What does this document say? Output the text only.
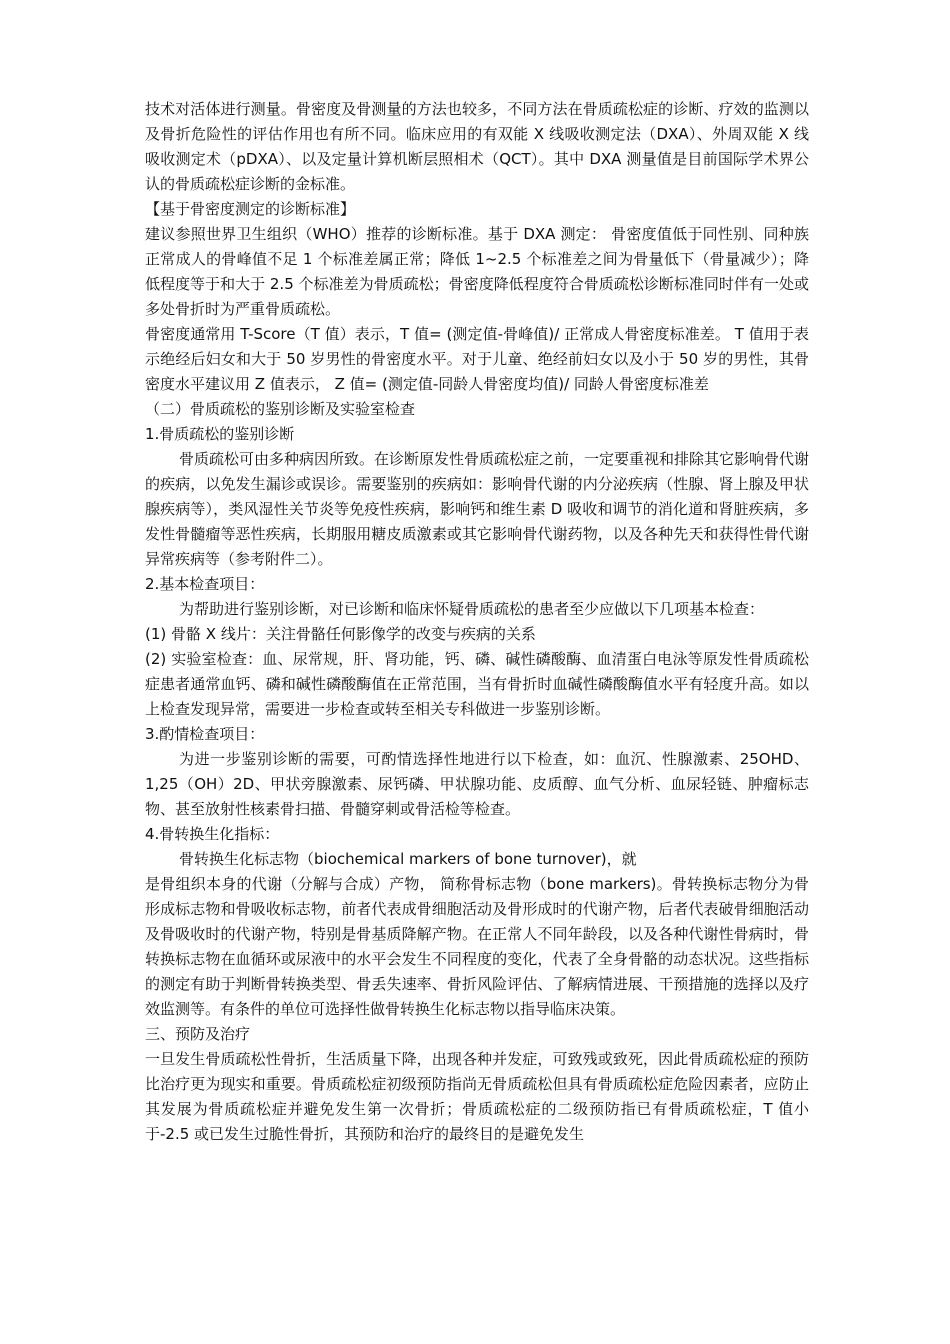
技术对活体进行测量。骨密度及骨测量的方法也较多，不同方法在骨质疏松症的诊断、疗效的监测以及骨折危险性的评估作用也有所不同。临床应用的有双能 X 线吸收测定法（DXA）、外周双能 X 线吸收测定术（pDXA）、以及定量计算机断层照相术（QCT）。其中 DXA 测量值是目前国际学术界公认的骨质疏松症诊断的金标准。

【基于骨密度测定的诊断标准】

建议参照世界卫生组织（WHO）推荐的诊断标准。基于 DXA 测定： 骨密度值低于同性别、同种族正常成人的骨峰值不足 1 个标准差属正常；降低 1~2.5 个标准差之间为骨量低下（骨量减少）；降低程度等于和大于 2.5 个标准差为骨质疏松；骨密度降低程度符合骨质疏松诊断标准同时伴有一处或多处骨折时为严重骨质疏松。

骨密度通常用 T-Score（T 值）表示，T 值= (测定值-骨峰值)/ 正常成人骨密度标准差。 T 值用于表示绝经后妇女和大于 50 岁男性的骨密度水平。对于儿童、绝经前妇女以及小于 50 岁的男性，其骨密度水平建议用 Z 值表示， Z 值= (测定值-同龄人骨密度均值)/ 同龄人骨密度标准差

（二）骨质疏松的鉴别诊断及实验室检查

1.骨质疏松的鉴别诊断

骨质疏松可由多种病因所致。在诊断原发性骨质疏松症之前，一定要重视和排除其它影响骨代谢的疾病，以免发生漏诊或误诊。需要鉴别的疾病如：影响骨代谢的内分泌疾病（性腺、肾上腺及甲状腺疾病等），类风湿性关节炎等免疫性疾病，影响钙和维生素 D 吸收和调节的消化道和肾脏疾病，多发性骨髓瘤等恶性疾病，长期服用糖皮质激素或其它影响骨代谢药物，以及各种先天和获得性骨代谢异常疾病等（参考附件二）。

2.基本检查项目：

为帮助进行鉴别诊断，对已诊断和临床怀疑骨质疏松的患者至少应做以下几项基本检查：

(1) 骨骼 X 线片：关注骨骼任何影像学的改变与疾病的关系

(2) 实验室检查：血、尿常规，肝、肾功能，钙、磷、碱性磷酸酶、血清蛋白电泳等原发性骨质疏松症患者通常血钙、磷和碱性磷酸酶值在正常范围，当有骨折时血碱性磷酸酶值水平有轻度升高。如以上检查发现异常，需要进一步检查或转至相关专科做进一步鉴别诊断。

3.酌情检查项目：

为进一步鉴别诊断的需要，可酌情选择性地进行以下检查，如：血沉、性腺激素、25OHD、1,25（OH）2D、甲状旁腺激素、尿钙磷、甲状腺功能、皮质醇、血气分析、血尿轻链、肿瘤标志物、甚至放射性核素骨扫描、骨髓穿刺或骨活检等检查。

4.骨转换生化指标：

骨转换生化标志物（biochemical markers of bone turnover)，就

是骨组织本身的代谢（分解与合成）产物， 简称骨标志物（bone markers)。骨转换标志物分为骨形成标志物和骨吸收标志物，前者代表成骨细胞活动及骨形成时的代谢产物，后者代表破骨细胞活动及骨吸收时的代谢产物，特别是骨基质降解产物。在正常人不同年龄段，以及各种代谢性骨病时，骨转换标志物在血循环或尿液中的水平会发生不同程度的变化，代表了全身骨骼的动态状况。这些指标的测定有助于判断骨转换类型、骨丢失速率、骨折风险评估、了解病情进展、干预措施的选择以及疗效监测等。有条件的单位可选择性做骨转换生化标志物以指导临床决策。

三、预防及治疗

一旦发生骨质疏松性骨折，生活质量下降，出现各种并发症，可致残或致死，因此骨质疏松症的预防比治疗更为现实和重要。骨质疏松症初级预防指尚无骨质疏松但具有骨质疏松症危险因素者，应防止其发展为骨质疏松症并避免发生第一次骨折；骨质疏松症的二级预防指已有骨质疏松症，T 值小于-2.5 或已发生过脆性骨折，其预防和治疗的最终目的是避免发生
